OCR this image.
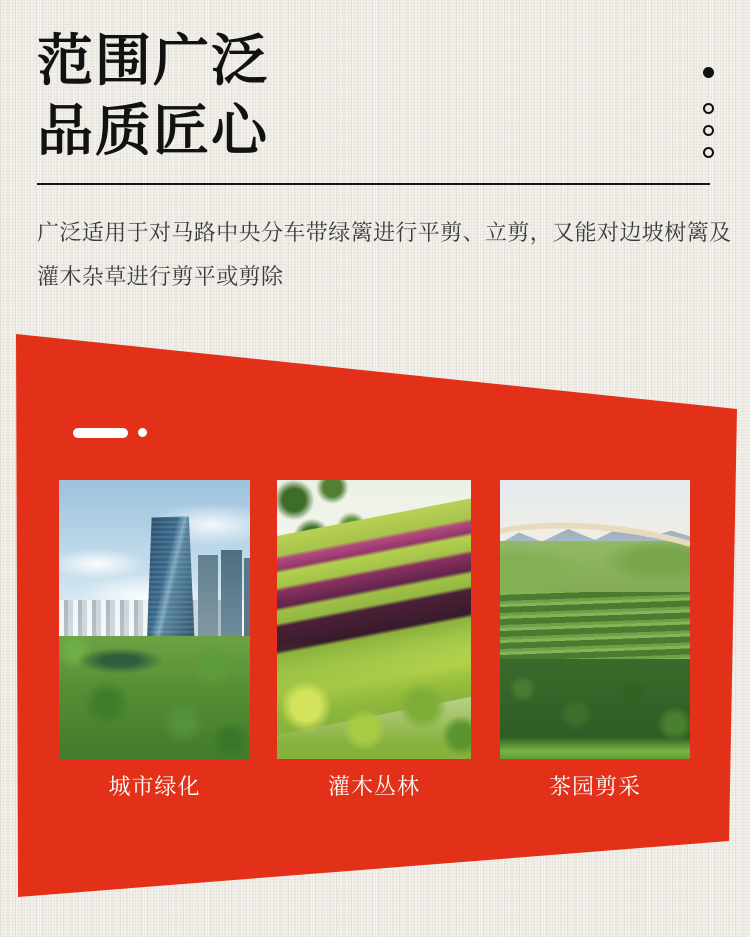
范围广泛
品质匠心

广泛适用于对马路中央分车带绿篱进行平剪、立剪，又能对边坡树篱及灌木杂草进行剪平或剪除

城市绿化	灌木丛林	茶园剪采
